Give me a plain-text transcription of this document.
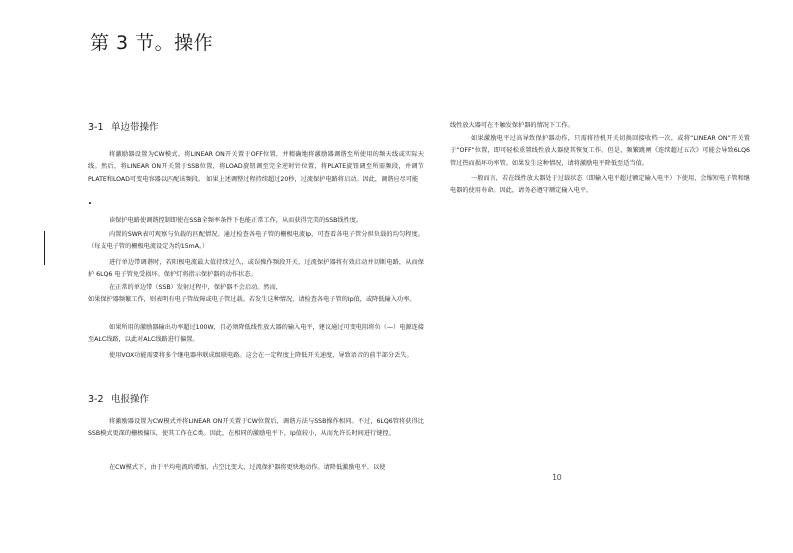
第 3 节。操作
3-1 单边带操作

将激励器设置为CW模式。将LINEAR ON开关置于OFF位置，并精确地将激励器调谐至所使用的频天线或实际天线。然后，将LINEAR ON开关置于SSB位置，将LOAD旋钮调至完全逆时针位置，将PLATE旋钮调至所需频段，并调节PLATE和LOAD可变电容器以匹配该频段。 如果上述调整过程持续超过20秒，过流保护电路将启动。因此，调谐应尽可能

.

读保护电路使调谐控制即使在SSB全频率条件下也能正常工作，从而获得完美的SSB线性度。

内置的SWR表可观察与负载的匹配情况。通过检查各电子管的栅极电流Ip，可查看各电子管分担负载的均匀程度。（每支电子管的栅极电流设定为约15mA。）

进行单边带调谐时，若阳极电流最大值持续过久，或误操作频段开关，过流保护器将有效启动并切断电路，从而保护 6LQ6 电子管免受损坏。保护灯将指示保护器的动作状态。

在正常的单边带（SSB）发射过程中，保护器不会启动。然而，

如果保护器频繁工作，则表明有电子管故障或电子管过载。若发生这种情况，请检查各电子管的Ip值，或降低输入功率。

如果所用的激励器输出功率超过100W，且必须降低线性放大器的输入电平，建议通过可变电阻将负（—）电源连接至ALC线路，以此对ALC线路进行偏置。

使用VOX功能需要将多个继电器串联成级联电路。这会在一定程度上降低开关速度，导致语音的前半部分丢失。

3-2 电报操作

将激励器设置为CW模式并将LINEAR ON开关置于CW位置后，调谐方法与SSB操作相同。不过，6LQ6管将获得比SSB模式更深的栅极偏压，使其工作在C类。因此，在相同的激励电平下，Ip值较小，从而允许长时间进行键控。

在CW模式下，由于平均电流的增加，占空比变大，过流保护器将更快地动作。请降低激励电平，以使

线性放大器可在不触发保护器的情况下工作。

如果激励电平过高导致保护器动作，只需将待机开关切换回接收档一次，或将“LINEAR ON”开关置于“OFF”位置，即可轻松重置线性放大器使其恢复工作。但是，频繁跳闸《连续超过五次》可能会导致6LQ6管过热而损坏功率管。如果发生这种情况，请将激励电平降低至适当值。

一般而言，若在线性放大器处于过载状态（即输入电平超过额定输入电平）下使用，会缩短电子管和继电器的使用寿命。因此，请务必遵守额定输入电平。

10
